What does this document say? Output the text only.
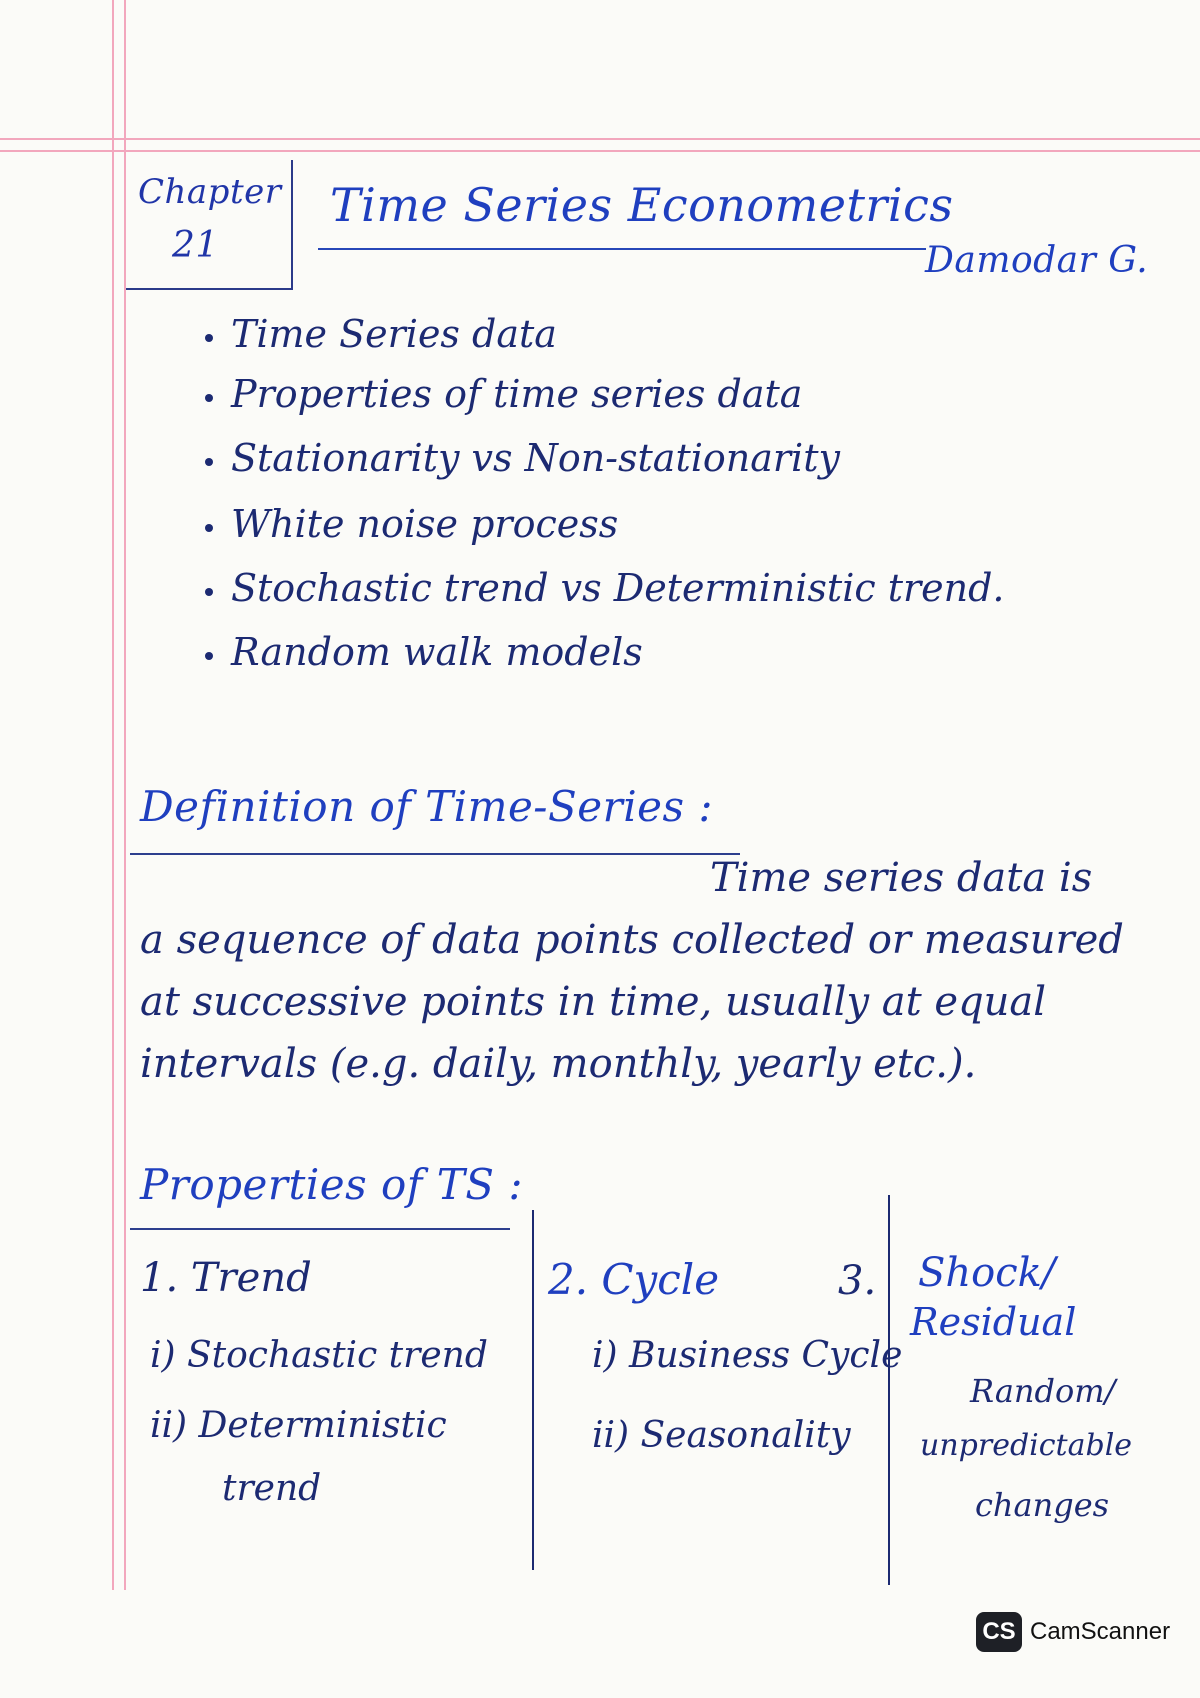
Chapter
21
Time Series Econometrics
Damodar G.
Time Series data
Properties of time series data
Stationarity vs Non-stationarity
White noise process
Stochastic trend vs Deterministic trend.
Random walk models
Definition of Time-Series :
Time series data is
a sequence of data points collected or measured
at successive points in time, usually at equal
intervals (e.g. daily, monthly, yearly etc.).
Properties of TS :
1. Trend
i) Stochastic trend
ii) Deterministic
trend
2. Cycle
i) Business Cycle
ii) Seasonality
3. Shock/
Residual
Random/
unpredictable
changes
CS CamScanner
